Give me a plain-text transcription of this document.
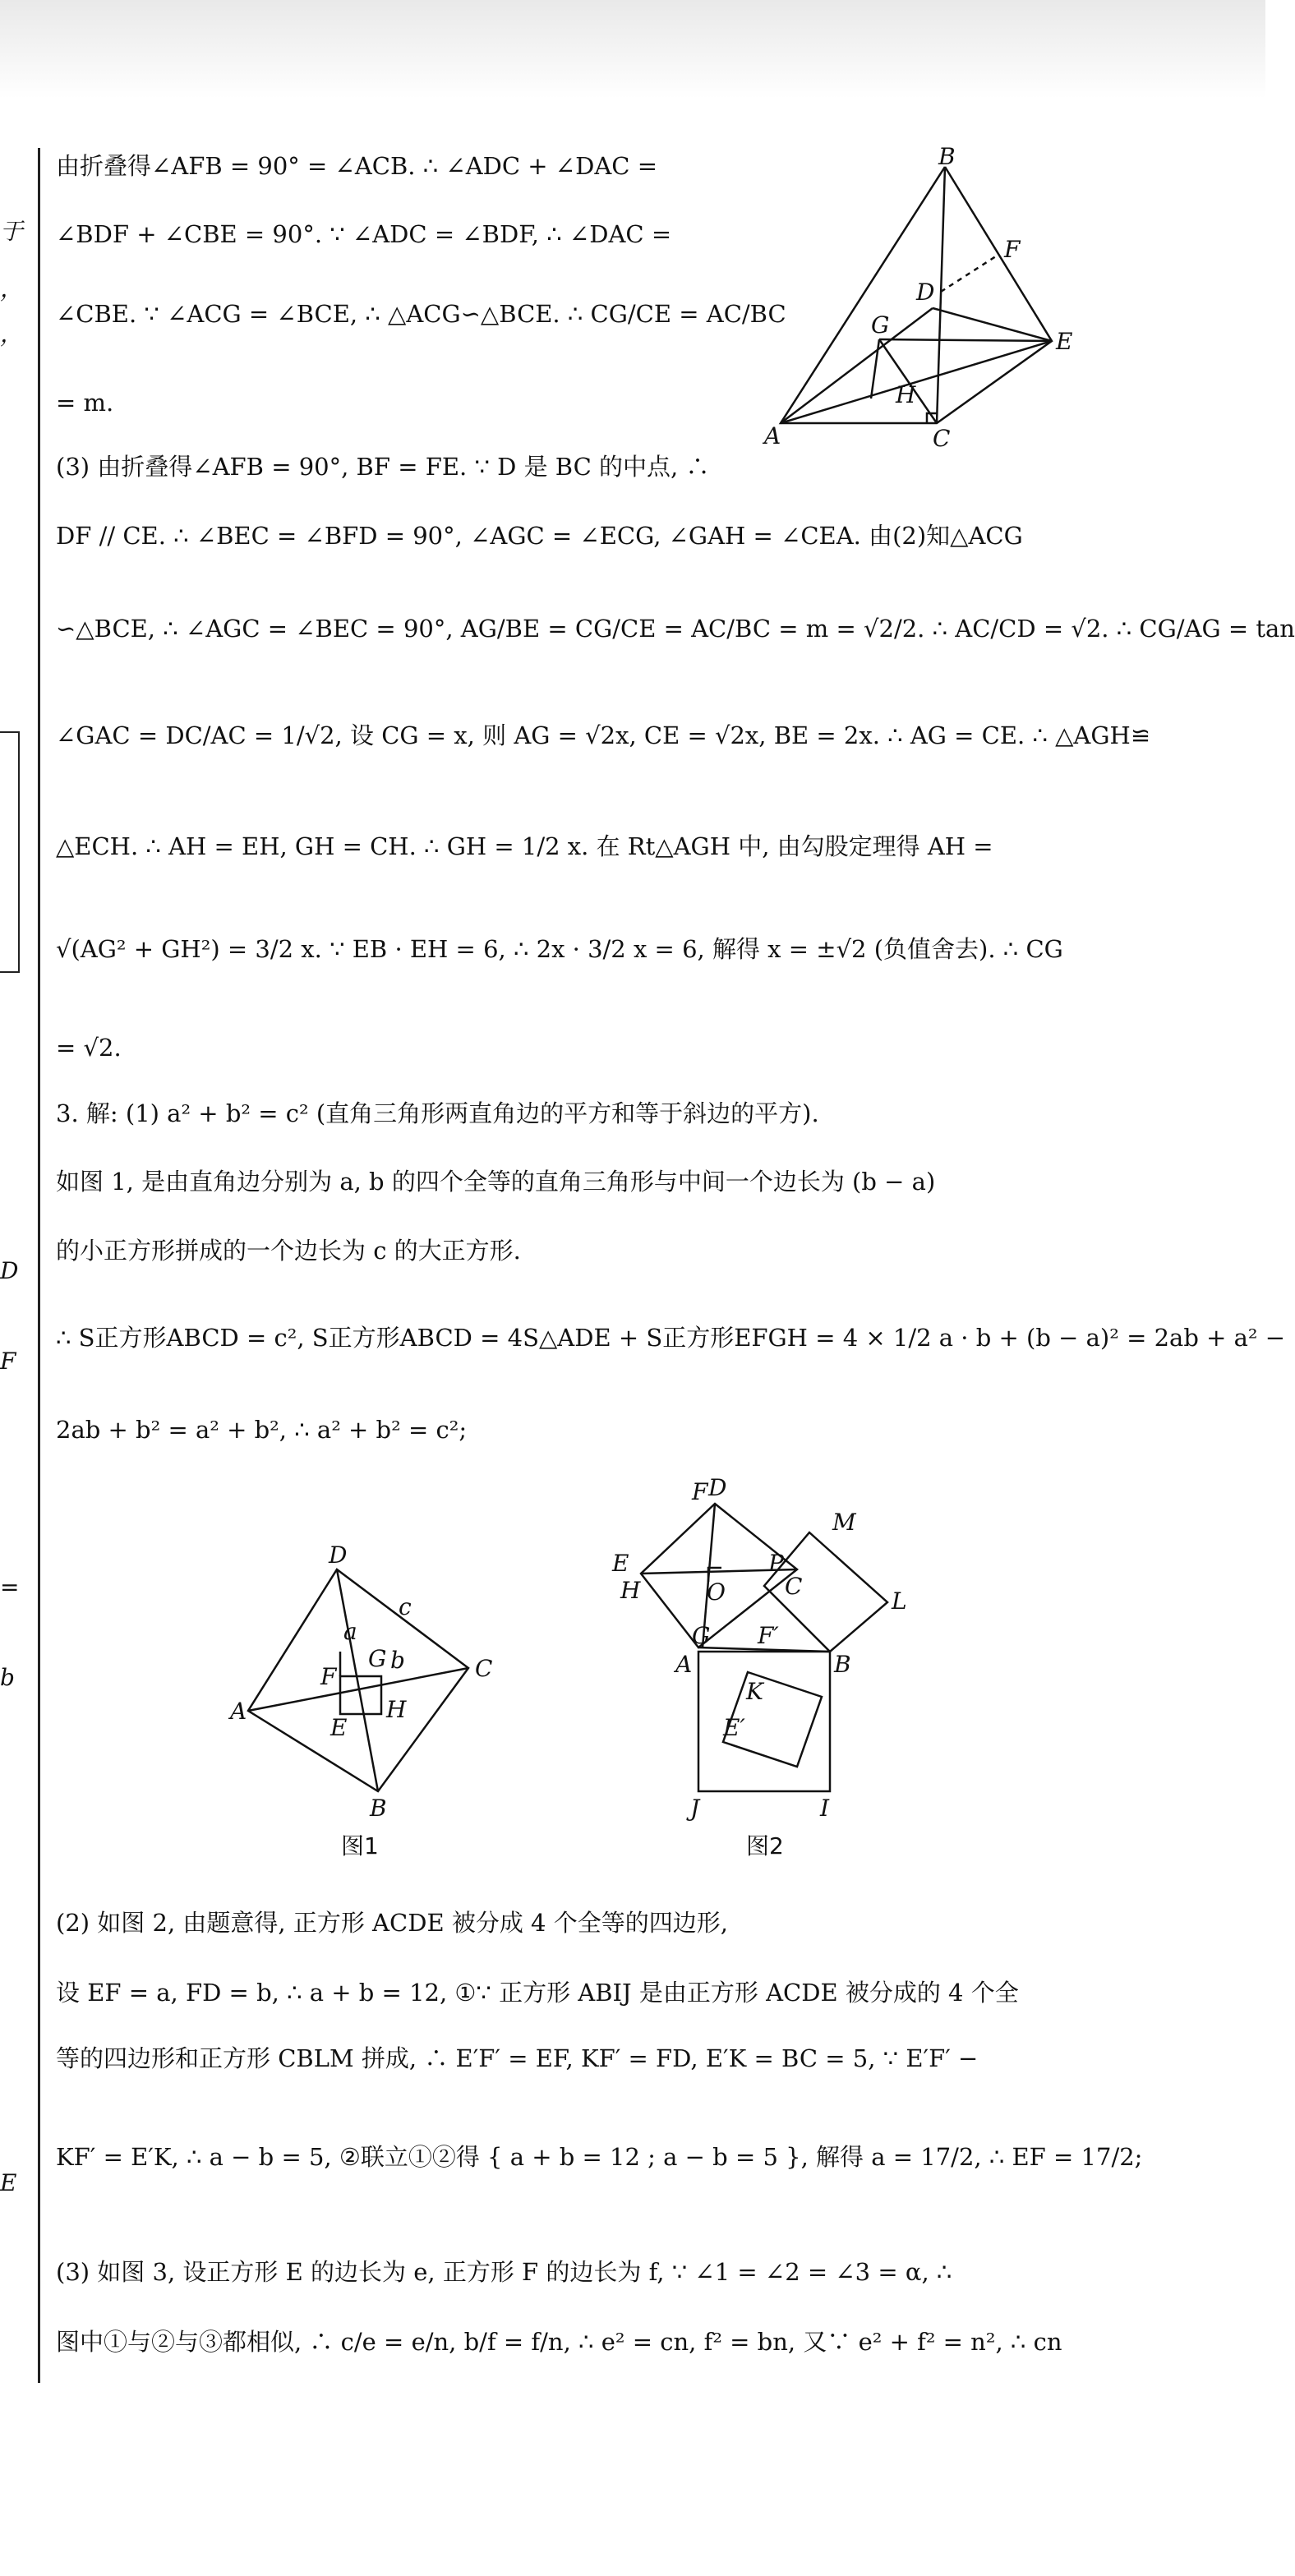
于
，
，
D
F
=
b
E
由折叠得∠AFB = 90° = ∠ACB. ∴ ∠ADC + ∠DAC =
∠BDF + ∠CBE = 90°. ∵ ∠ADC = ∠BDF, ∴ ∠DAC =
∠CBE. ∵ ∠ACG = ∠BCE, ∴ △ACG∽△BCE. ∴ CG/CE = AC/BC
= m.
(3) 由折叠得∠AFB = 90°, BF = FE. ∵ D 是 BC 的中点, ∴
DF // CE. ∴ ∠BEC = ∠BFD = 90°, ∠AGC = ∠ECG, ∠GAH = ∠CEA. 由(2)知△ACG
∽△BCE, ∴ ∠AGC = ∠BEC = 90°, AG/BE = CG/CE = AC/BC = m = √2/2. ∴ AC/CD = √2. ∴ CG/AG = tan
∠GAC = DC/AC = 1/√2, 设 CG = x, 则 AG = √2x, CE = √2x, BE = 2x. ∴ AG = CE. ∴ △AGH≌
△ECH. ∴ AH = EH, GH = CH. ∴ GH = 1/2 x. 在 Rt△AGH 中, 由勾股定理得 AH =
√(AG² + GH²) = 3/2 x. ∵ EB · EH = 6, ∴ 2x · 3/2 x = 6, 解得 x = ±√2 (负值舍去). ∴ CG
= √2.
3. 解: (1) a² + b² = c² (直角三角形两直角边的平方和等于斜边的平方).
如图 1, 是由直角边分别为 a, b 的四个全等的直角三角形与中间一个边长为 (b − a)
的小正方形拼成的一个边长为 c 的大正方形.
∴ S正方形ABCD = c², S正方形ABCD = 4S△ADE + S正方形EFGH = 4 × 1/2 a · b + (b − a)² = 2ab + a² −
2ab + b² = a² + b², ∴ a² + b² = c²;
(2) 如图 2, 由题意得, 正方形 ACDE 被分成 4 个全等的四边形,
设 EF = a, FD = b, ∴ a + b = 12, ①∵ 正方形 ABIJ 是由正方形 ACDE 被分成的 4 个全
等的四边形和正方形 CBLM 拼成, ∴ E′F′ = EF, KF′ = FD, E′K = BC = 5, ∵ E′F′ −
KF′ = E′K, ∴ a − b = 5, ②联立①②得 { a + b = 12 ; a − b = 5 }, 解得 a = 17/2, ∴ EF = 17/2;
(3) 如图 3, 设正方形 E 的边长为 e, 正方形 F 的边长为 f, ∵ ∠1 = ∠2 = ∠3 = α, ∴
图中①与②与③都相似, ∴ c/e = e/n, b/f = f/n, ∴ e² = cn, f² = bn, 又∵ e² + f² = n², ∴ cn
B
F
D
G
E
H
A	C
D
c
a
G b	C
F
A
E
H
B
图1
F D
M
E	P
H	O	C
L
G F′
A	B
K
E′
J	I
图2
